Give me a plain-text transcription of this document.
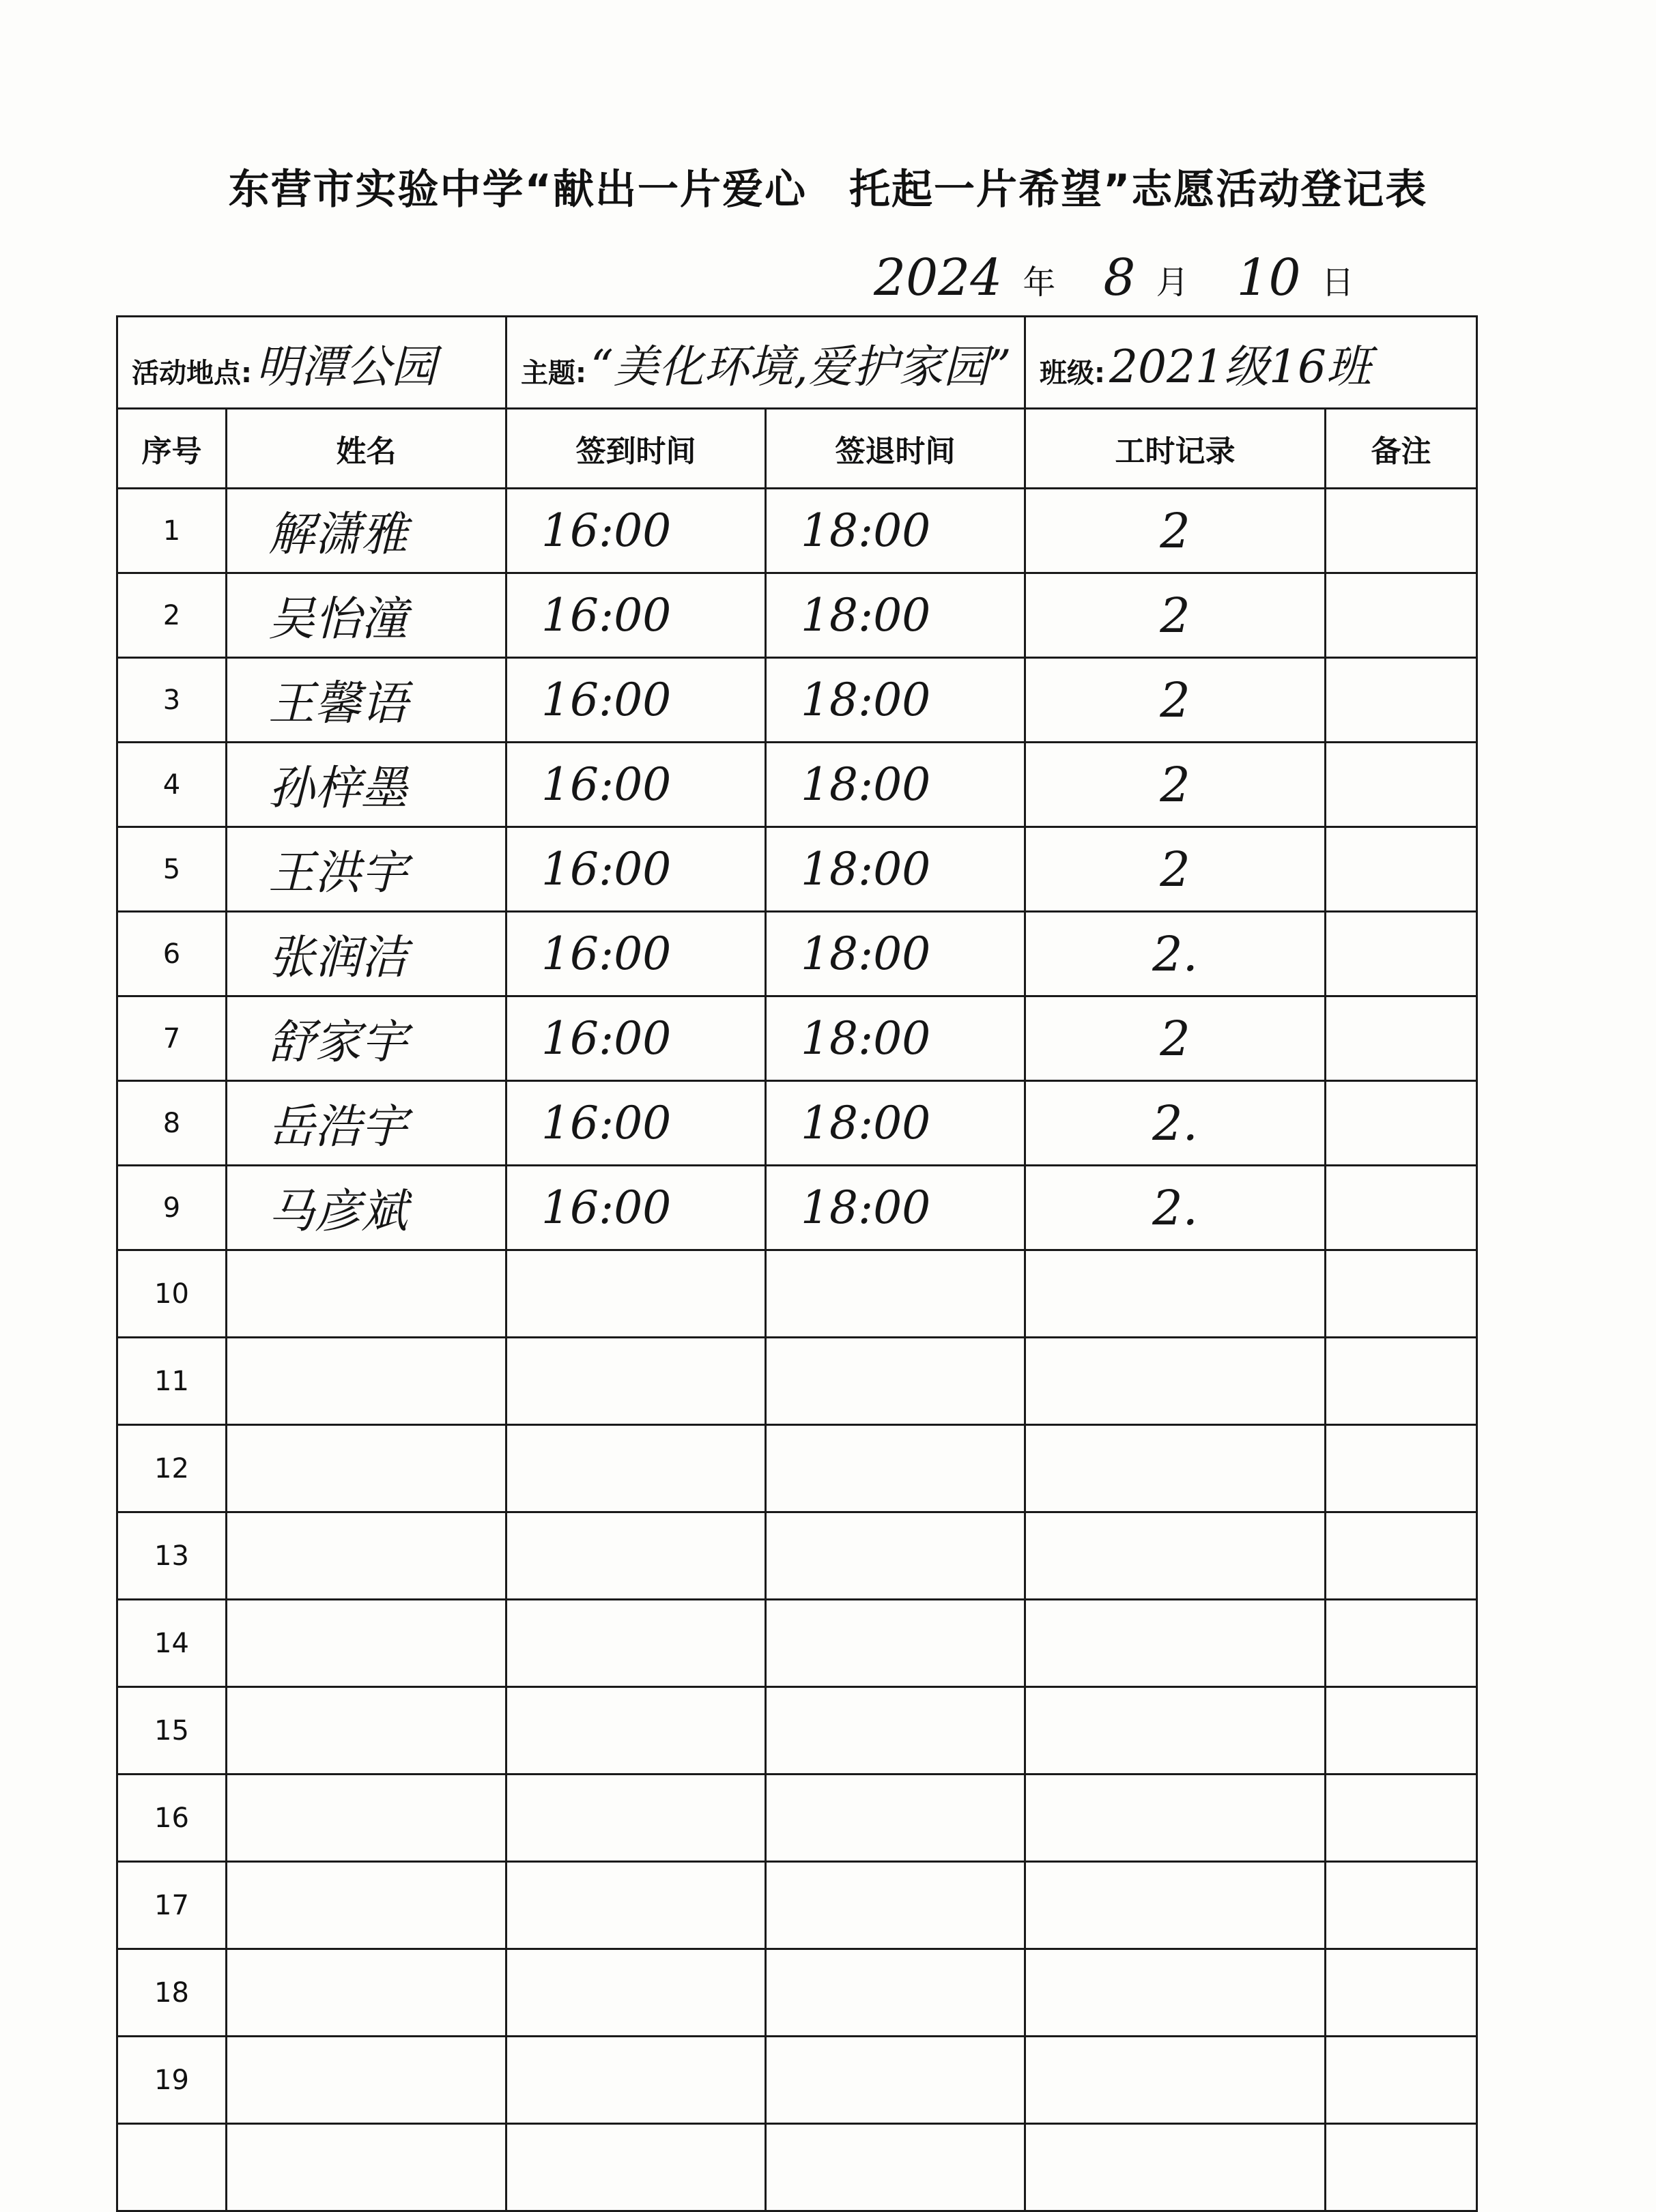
东营市实验中学“献出一片爱心　托起一片希望”志愿活动登记表
2024 年 8 月 10 日
活动地点:明潭公园		主题:“美化环境,爱护家园”		班级:2021级16班	
序号	姓名	签到时间	签退时间	工时记录	备注
1	解潇雅	16:00	18:00	2	
2	吴怡潼	16:00	18:00	2	
3	王馨语	16:00	18:00	2	
4	孙梓墨	16:00	18:00	2	
5	王洪宇	16:00	18:00	2	
6	张润洁	16:00	18:00	2.	
7	舒家宇	16:00	18:00	2	
8	岳浩宇	16:00	18:00	2.	
9	马彦斌	16:00	18:00	2.	
10					
11					
12					
13					
14					
15					
16					
17					
18					
19					
